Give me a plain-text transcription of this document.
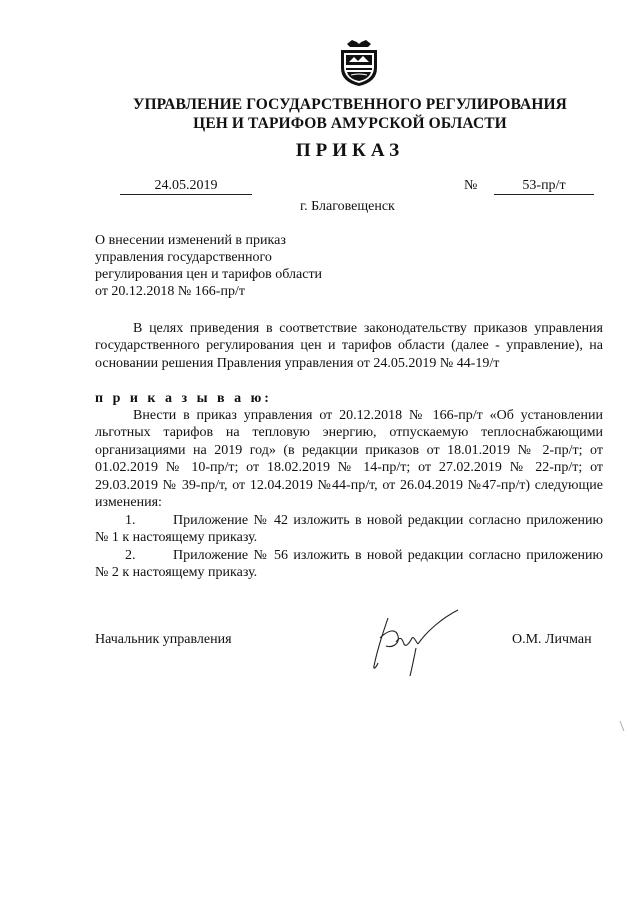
УПРАВЛЕНИЕ ГОСУДАРСТВЕННОГО РЕГУЛИРОВАНИЯ
ЦЕН И ТАРИФОВ АМУРСКОЙ ОБЛАСТИ
ПРИКАЗ
24.05.2019	№	53-пр/т
г. Благовещенск
О внесении изменений в приказ
управления государственного
регулирования цен и тарифов области
от 20.12.2018 № 166-пр/т
В целях приведения в соответствие законодательству приказов управления государственного регулирования цен и тарифов области (далее - управление), на основании решения Правления управления от 24.05.2019 № 44-19/т
п р и к а з ы в а ю:
Внести в приказ управления от 20.12.2018 № 166-пр/т «Об установлении льготных тарифов на тепловую энергию, отпускаемую теплоснабжающими организациями на 2019 год» (в редакции приказов от 18.01.2019 № 2-пр/т; от 01.02.2019 № 10-пр/т; от 18.02.2019 № 14-пр/т; от 27.02.2019 № 22-пр/т; от 29.03.2019 № 39-пр/т, от 12.04.2019 №44-пр/т, от 26.04.2019 №47-пр/т) следующие изменения:
1.	Приложение № 42 изложить в новой редакции согласно приложению № 1 к настоящему приказу.
2.	Приложение № 56 изложить в новой редакции согласно приложению № 2 к настоящему приказу.
Начальник управления	О.М. Личман
